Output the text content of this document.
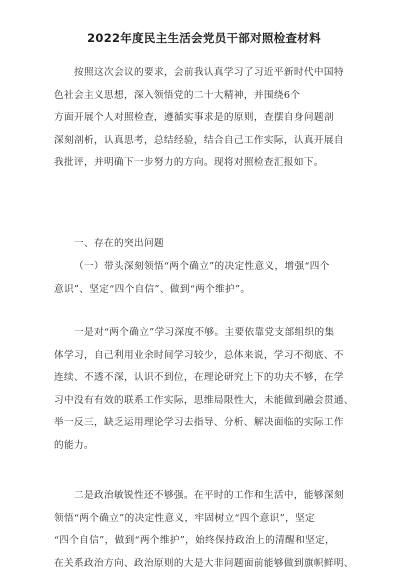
2022年度民主生活会党员干部对照检查材料
按照这次会议的要求，会前我认真学习了习近平新时代中国特
色社会主义思想，深入领悟党的二十大精神，并围绕6个
方面开展个人对照检查，遵循实事求是的原则，查摆自身问题剖
深刻剖析，认真思考，总结经验，结合自己工作实际，认真开展自
我批评，并明确下一步努力的方向。现将对照检查汇报如下。
一、存在的突出问题
（一）带头深刻领悟“两个确立”的决定性意义，增强“四个
意识”、坚定“四个自信”、做到“两个维护”。
一是对“两个确立”学习深度不够。主要依靠党支部组织的集
体学习，自己利用业余时间学习较少，总体来说，学习不彻底、不
连续、不透不深，认识不到位，在理论研究上下的功夫不够，在学
习中没有有效的联系工作实际，思维局限性大，未能做到融会贯通、
举一反三，缺乏运用理论学习去指导、分析、解决面临的实际工作
的能力。
二是政治敏锐性还不够强。在平时的工作和生活中，能够深刻
领悟“两个确立”的决定性意义，牢固树立“四个意识”，坚定
“四个自信”，做到“两个维护”，始终保持政治上的清醒和坚定，
在关系政治方向、政治原则的大是大非问题面前能够做到旗帜鲜明、
